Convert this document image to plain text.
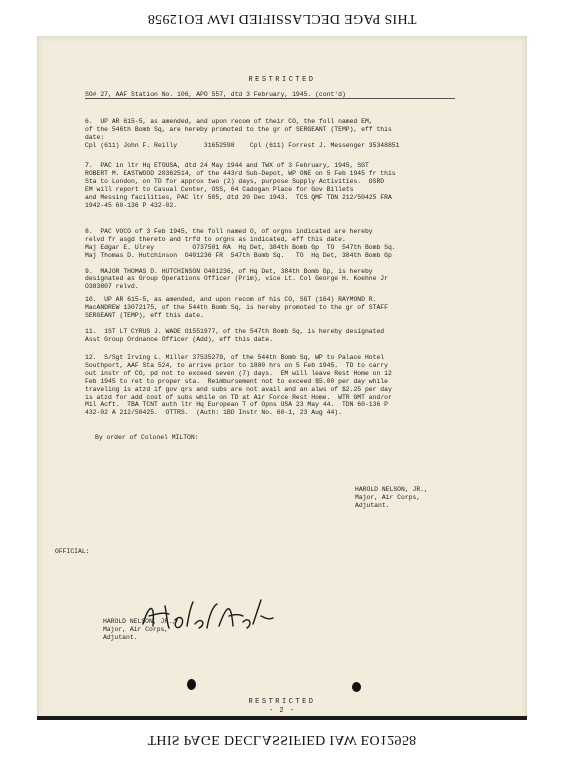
THIS PAGE DECLASSIFIED IAW EO12958
RESTRICTED
SO# 27, AAF Station No. 106, APO 557, dtd 3 February, 1945. (cont'd)
6.  UP AR 615-5, as amended, and upon recom of their CO, the foll named EM,
of the 546th Bomb Sq, are hereby promoted to the gr of SERGEANT (TEMP), eff this
date:
Cpl (611) John F. Reilly       31652598    Cpl (611) Forrest J. Messenger 35348851
7.  PAC in ltr Hq ETOUSA, dtd 24 May 1944 and TWX of 3 February, 1945, SGT
ROBERT M. EASTWOOD 20362514, of the 443rd Sub-Depot, WP ONE on 5 Feb 1945 fr this
Sta to London, on TD for approx two (2) days, purpose Supply Activities.  OSRD
EM will report to Casual Center, OSS, 64 Cadogan Place for Gov Billets
and Messing facilities, PAC ltr 505, dtd 20 Dec 1943.  TCS QMF TDN 212/50425 FRA
1942-45 60-136 P 432-02.
8.  PAC VOCO of 3 Feb 1945, the foll named O, of orgns indicated are hereby
relvd fr asgd thereto and trfd to orgns as indicated, eff this date.
Maj Edgar E. Ulrey          O737501 RA  Hq Det, 384th Bomb Gp  TO  547th Bomb Sq.
Maj Thomas D. Hutchinson  O401236 FR  547th Bomb Sq.   TO  Hq Det, 384th Bomb Gp

9.  MAJOR THOMAS D. HUTCHINSON O401236, of Hq Det, 384th Bomb Gp, is hereby
designated as Group Operations Officer (Prim), vice Lt. Col George H. Koehne Jr
O383807 relvd.
10.  UP AR 615-5, as amended, and upon recom of his CO, SGT (164) RAYMOND R.
MacANDREW 13072175, of the 544th Bomb Sq, is hereby promoted to the gr of STAFF
SERGEANT (TEMP), eff this date.

11.  1ST LT CYRUS J. WADE O1551977, of the 547th Bomb Sq, is hereby designated
Asst Group Ordnance Officer (Add), eff this date.
12.  S/Sgt Irving L. Miller 37535279, of the 544th Bomb Sq, WP to Palace Hotel
Southport, AAF Sta 524, to arrive prior to 1800 hrs on 5 Feb 1945.  TD to carry
out instr of CO, pd not to exceed seven (7) days.  EM will leave Rest Home on 12
Feb 1945 to ret to proper sta.  Reimbursement not to exceed $5.00 per day while
traveling is atzd if gov qrs and subs are not avail and an alws of $2.25 per day
is atzd for add cost of subs while on TD at Air Force Rest Home.  WTR GMT and/or
Mil Acft.  TBA TCNT auth ltr Hq European T of Opns USA 23 May 44.  TDN 60-136 P
432-02 A 212/50425.  OTTRS.  (Auth: 1BD Instr No. 60-1, 23 Aug 44).
By order of Colonel MILTON:
HAROLD NELSON, JR.,
Major, Air Corps,
Adjutant.
OFFICIAL:
HAROLD NELSON, JR.,
Major, Air Corps,
Adjutant.
RESTRICTED
- 2 -
THIS PAGE DECLASSIFIED IAW EO12958
